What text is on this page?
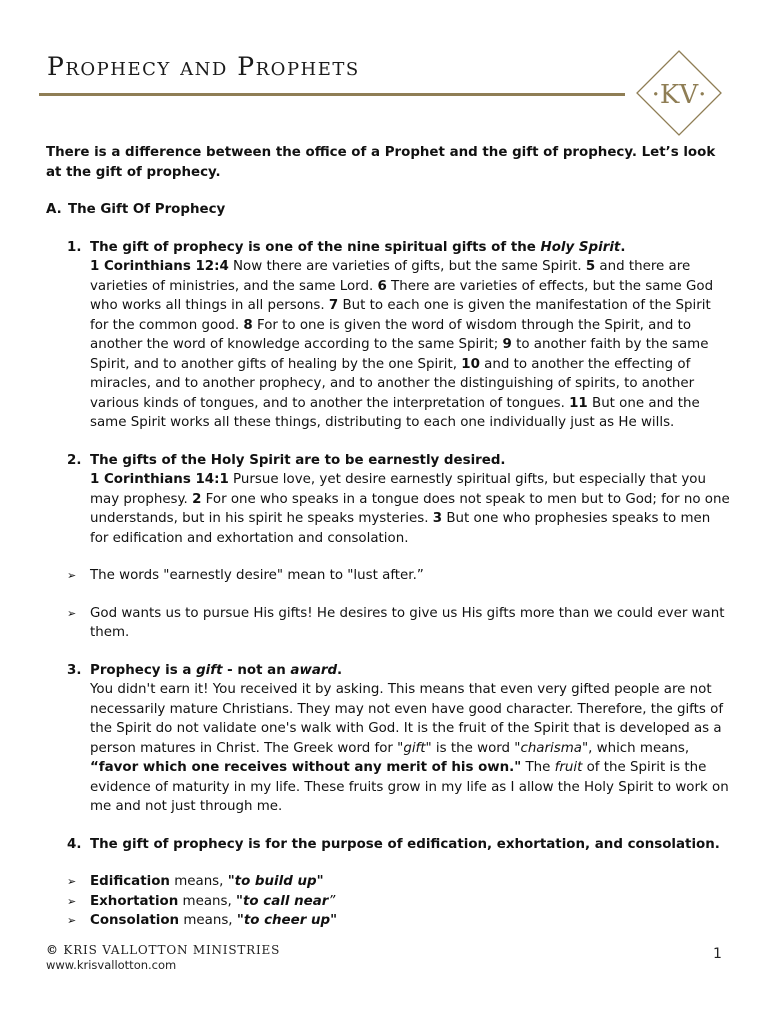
Prophecy and Prophets
·KV·

There is a difference between the office of a Prophet and the gift of prophecy. Let’s look at the gift of prophecy.

A. The Gift Of Prophecy

1. The gift of prophecy is one of the nine spiritual gifts of the Holy Spirit.

1 Corinthians 12:4 Now there are varieties of gifts, but the same Spirit. 5 and there are varieties of ministries, and the same Lord. 6 There are varieties of effects, but the same God who works all things in all persons. 7 But to each one is given the manifestation of the Spirit for the common good. 8 For to one is given the word of wisdom through the Spirit, and to another the word of knowledge according to the same Spirit; 9 to another faith by the same Spirit, and to another gifts of healing by the one Spirit, 10 and to another the effecting of miracles, and to another prophecy, and to another the distinguishing of spirits, to another various kinds of tongues, and to another the interpretation of tongues. 11 But one and the same Spirit works all these things, distributing to each one individually just as He wills.

2. The gifts of the Holy Spirit are to be earnestly desired.

1 Corinthians 14:1 Pursue love, yet desire earnestly spiritual gifts, but especially that you may prophesy. 2 For one who speaks in a tongue does not speak to men but to God; for no one understands, but in his spirit he speaks mysteries. 3 But one who prophesies speaks to men for edification and exhortation and consolation.

➢ The words "earnestly desire" mean to "lust after.”

➢ God wants us to pursue His gifts! He desires to give us His gifts more than we could ever want them.

3. Prophecy is a gift - not an award.

You didn't earn it! You received it by asking. This means that even very gifted people are not necessarily mature Christians. They may not even have good character. Therefore, the gifts of the Spirit do not validate one's walk with God. It is the fruit of the Spirit that is developed as a person matures in Christ. The Greek word for "gift" is the word "charisma", which means, “favor which one receives without any merit of his own." The fruit of the Spirit is the evidence of maturity in my life. These fruits grow in my life as I allow the Holy Spirit to work on me and not just through me.

4. The gift of prophecy is for the purpose of edification, exhortation, and consolation.

➢ Edification means, "to build up"

➢ Exhortation means, "to call near”

➢ Consolation means, "to cheer up"

© KRIS VALLOTTON MINISTRIES
www.krisvallotton.com
1
